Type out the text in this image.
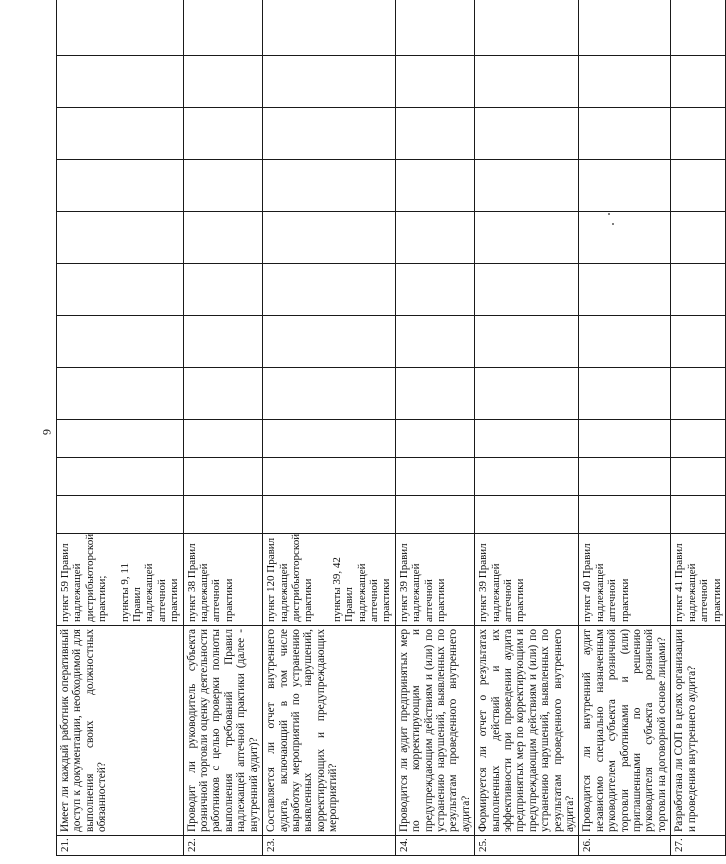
6
21.	Имеет ли каждый работник оперативный доступ к документации, необходимой для выполнения своих должностных обязанностей?	пункт 59 Правил надлежащей дистрибьюторской практики; пункты 9, 11 Правил надлежащей аптечной практики											

22.	Проводит ли руководитель субъекта розничной торговли оценку деятельности работников с целью проверки полноты выполнения требований Правил надлежащей аптечной практики (далее - внутренний аудит)?	пункт 38 Правил надлежащей аптечной практики											

23.	Составляется ли отчет внутреннего аудита, включающий в том числе выработку мероприятий по устранению выявленных нарушений, корректирующих и предупреждающих мероприятий?	пункт 120 Правил надлежащей дистрибьюторской практики пункты 39, 42 Правил надлежащей аптечной практики											

24.	Проводится ли аудит предпринятых мер по корректирующим и предупреждающим действиям и (или) по устранению нарушений, выявленных по результатам проведенного внутреннего аудита?	пункт 39 Правил надлежащей аптечной практики											

25.	Формируется ли отчет о результатах выполненных действий и их эффективности при проведении аудита предпринятых мер по корректирующим и предупреждающим действиям и (или) по устранению нарушений, выявленных по результатам проведенного внутреннего аудита?	пункт 39 Правил надлежащей аптечной практики											

26.	Проводится ли внутренний аудит независимо специально назначенным руководителем субъекта розничной торговли работниками и (или) приглашенными по решению руководителя субъекта розничной торговли на договорной основе лицами?	пункт 40 Правил надлежащей аптечной практики											

27.	Разработана ли СОП в целях организации и проведения внутреннего аудита?	пункт 41 Правил надлежащей аптечной практики											
